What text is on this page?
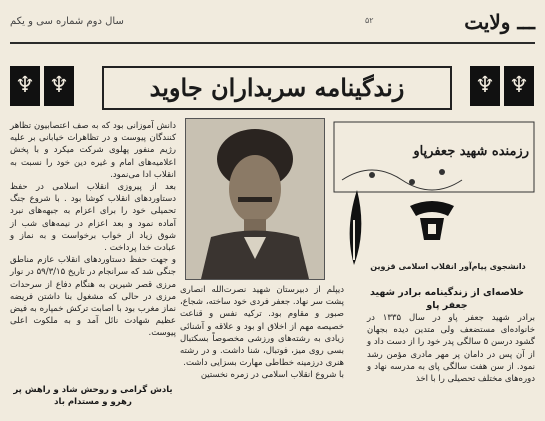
سال دوم شماره سی و یکم	۵۲	ـــ ولایت
♆ ♆	زندگینامه سربداران جاوید	♆ ♆
دانش آموزانی بود که به صف اعتصابیون تظاهر کنندگان پیوست و در تظاهرات خیابانی بر علیه رژیم منفور پهلوی شرکت میکرد و با پخش اعلامیه‌های امام و غیره دین خود را نسبت به انقلاب ادا می‌نمود.
بعد از پیروزی انقلاب اسلامی در حفظ دستاوردهای انقلاب کوشا بود . با شروع جنگ تحمیلی خود را برای اعزام به جبهه‌های نبرد آماده نمود و بعد اعزام در نیمه‌های شب از شوق زیاد از خواب برخواست و به نماز و عبادت خدا پرداخت .
و جهت حفظ دستاوردهای انقلاب عازم مناطق جنگی شد که سرانجام در تاریخ ۵۹/۳/۱۵ در نوار مرزی قصر شیرین به هنگام دفاع از سرحدات مرزی در حالی که مشغول بنا داشتن فریضه نماز مغرب بود با اصابت ترکش خمپاره به فیض عظیم شهادت نائل آمد و به ملکوت اعلی پیوست.
یادش گرامی و روحش شاد و راهش پر رهرو و مستدام باد
رزمنده شهید جعفرپاو
دانشجوی پیام‌آور انقلاب اسلامی قزوین
خلاصه‌ای از زندگینامه برادر شهید جعفر پاو
دیپلم از دبیرستان شهید نصرت‌الله انصاری پشت سر نهاد. جعفر فردی خود ساخته، شجاع، صبور و مقاوم بود. ترکیه نفس و قناعت خصیصه مهم از اخلاق او بود و علاقه و آشنائی زیادی به رشته‌های ورزشی مخصوصاً بسکتبال بسی روی میز، فوتبال، شنا داشت. و در رشته هنری درزمینه خطاطی مهارت بسزایی داشت.
با شروع انقلاب اسلامی در زمره نخستین
برادر شهید جعفر پاو در سال ۱۳۳۵ در خانواده‌ای مستضعف ولی متدین دیده بجهان گشود درسن ۵ سالگی پدر خود را از دست داد و از آن پس در دامان پر مهر مادری مؤمن رشد نمود. از سن هفت سالگی پای به مدرسه نهاد و دوره‌های مختلف تحصیلی را با اخذ
